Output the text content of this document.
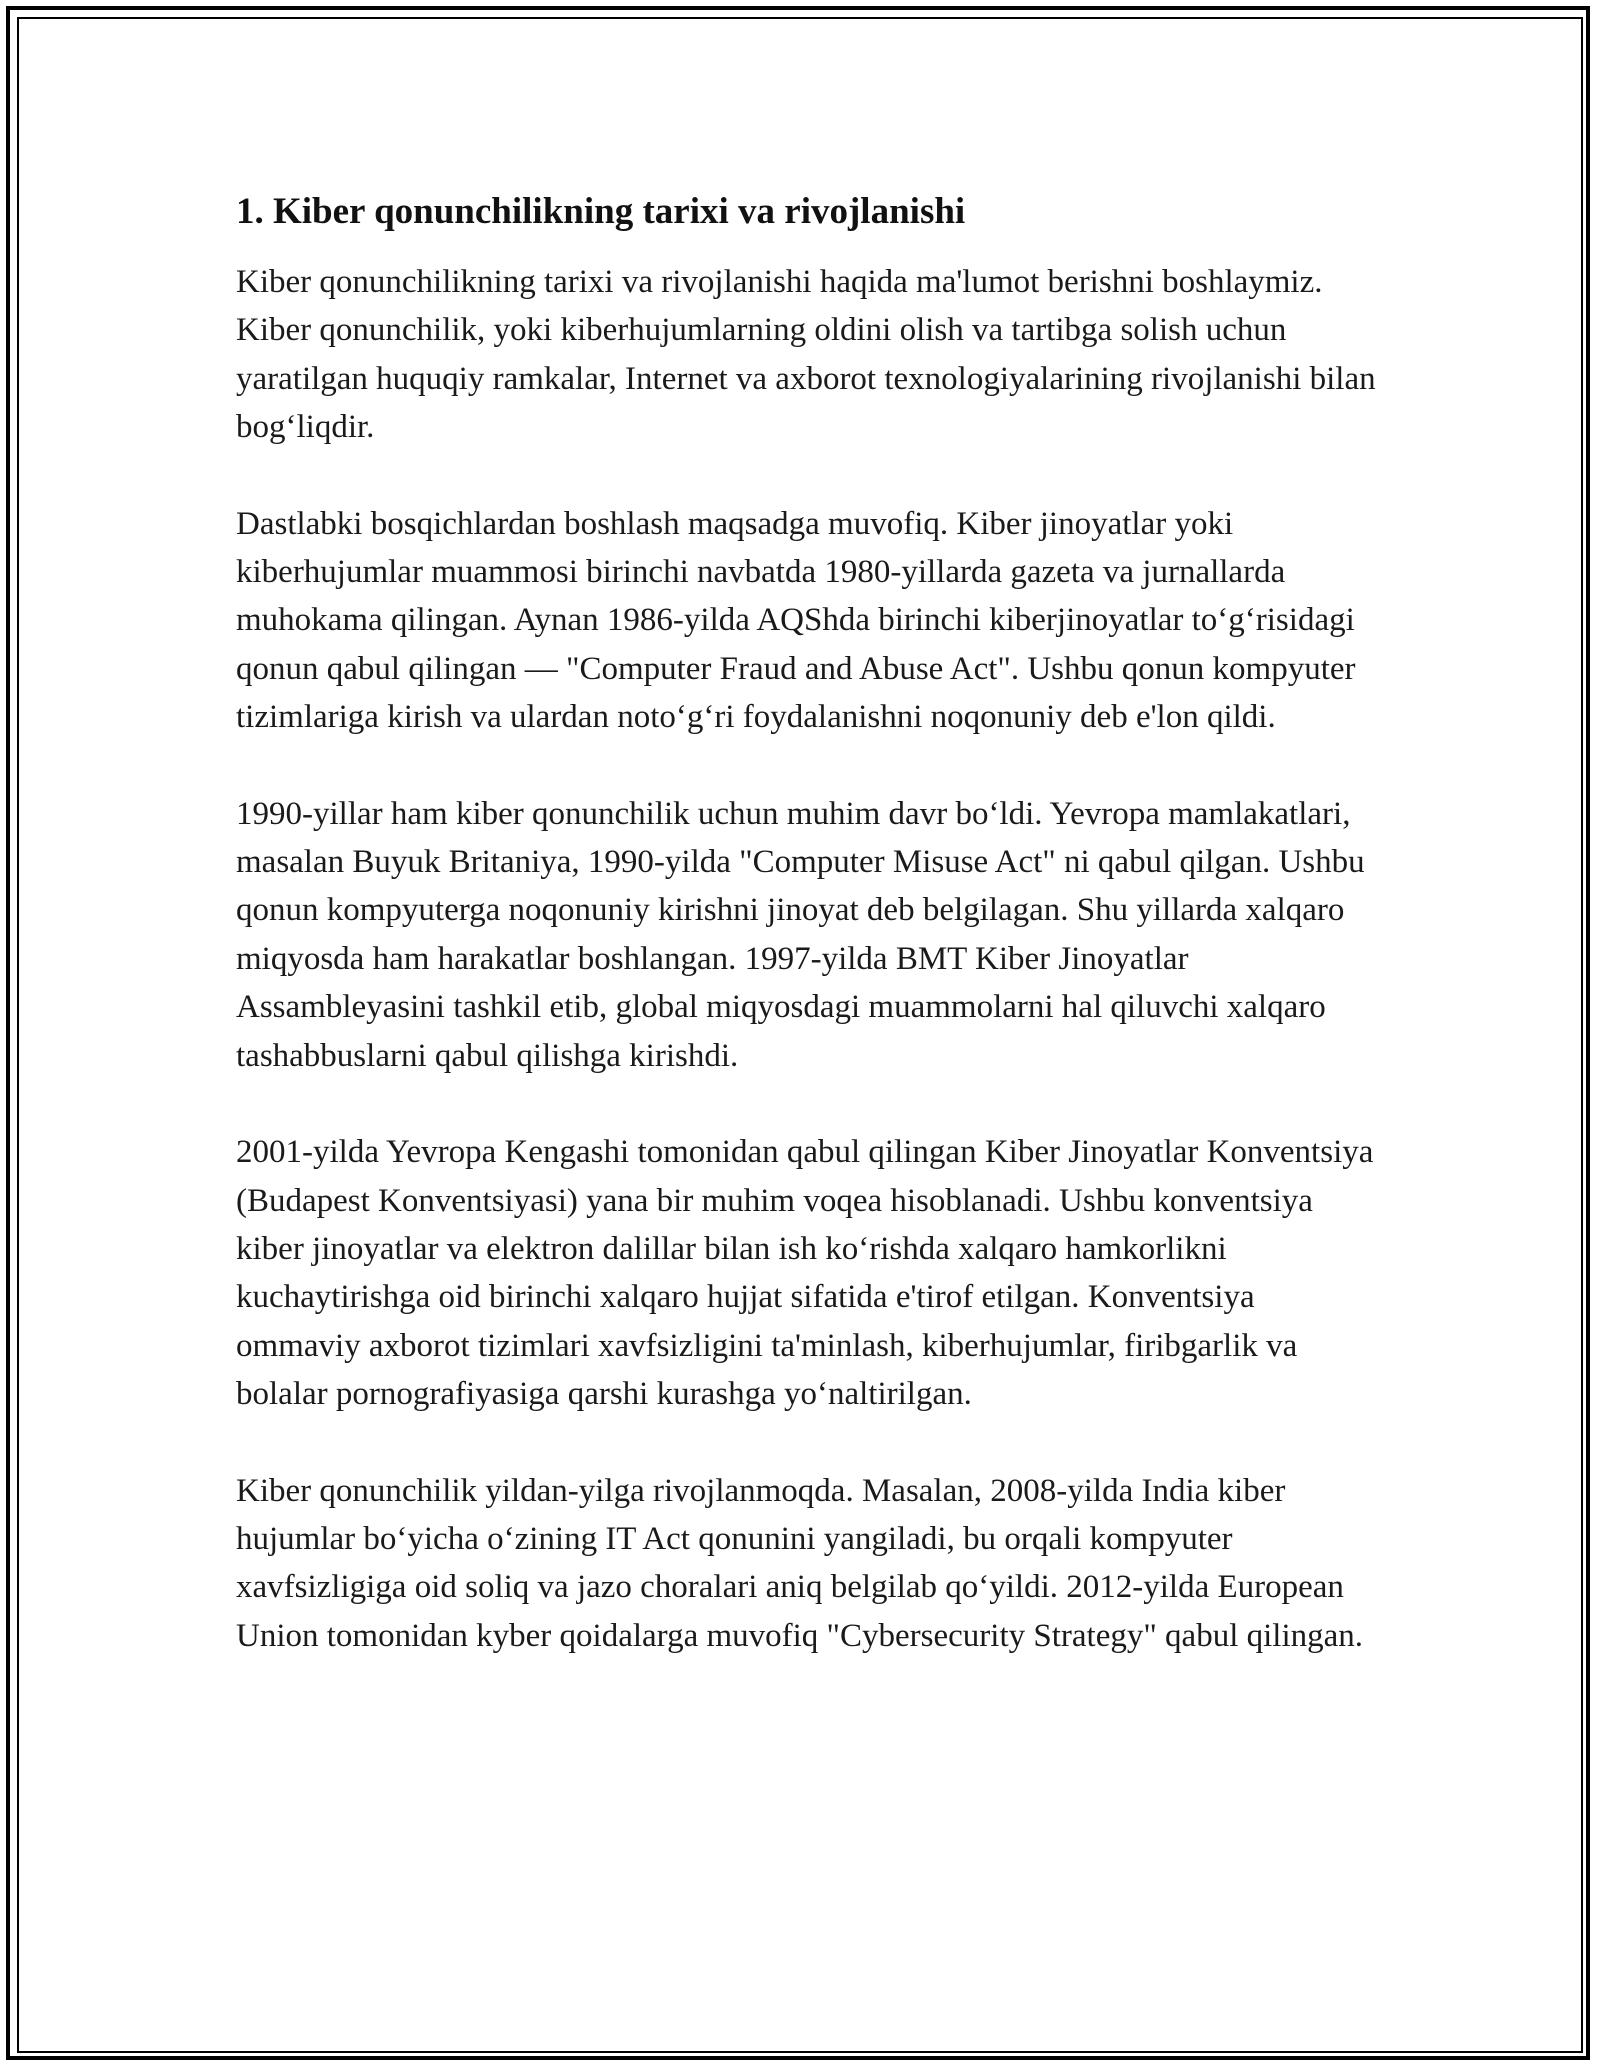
1. Kiber qonunchilikning tarixi va rivojlanishi

Kiber qonunchilikning tarixi va rivojlanishi haqida ma'lumot berishni boshlaymiz. Kiber qonunchilik, yoki kiberhujumlarning oldini olish va tartibga solish uchun yaratilgan huquqiy ramkalar, Internet va axborot texnologiyalarining rivojlanishi bilan bog‘liqdir.

Dastlabki bosqichlardan boshlash maqsadga muvofiq. Kiber jinoyatlar yoki kiberhujumlar muammosi birinchi navbatda 1980-yillarda gazeta va jurnallarda muhokama qilingan. Aynan 1986-yilda AQShda birinchi kiberjinoyatlar to‘g‘risidagi qonun qabul qilingan — "Computer Fraud and Abuse Act". Ushbu qonun kompyuter tizimlariga kirish va ulardan noto‘g‘ri foydalanishni noqonuniy deb e'lon qildi.

1990-yillar ham kiber qonunchilik uchun muhim davr bo‘ldi. Yevropa mamlakatlari, masalan Buyuk Britaniya, 1990-yilda "Computer Misuse Act" ni qabul qilgan. Ushbu qonun kompyuterga noqonuniy kirishni jinoyat deb belgilagan. Shu yillarda xalqaro miqyosda ham harakatlar boshlangan. 1997-yilda BMT Kiber Jinoyatlar Assambleyasini tashkil etib, global miqyosdagi muammolarni hal qiluvchi xalqaro tashabbuslarni qabul qilishga kirishdi.

2001-yilda Yevropa Kengashi tomonidan qabul qilingan Kiber Jinoyatlar Konventsiya (Budapest Konventsiyasi) yana bir muhim voqea hisoblanadi. Ushbu konventsiya kiber jinoyatlar va elektron dalillar bilan ish ko‘rishda xalqaro hamkorlikni kuchaytirishga oid birinchi xalqaro hujjat sifatida e'tirof etilgan. Konventsiya ommaviy axborot tizimlari xavfsizligini ta'minlash, kiberhujumlar, firibgarlik va bolalar pornografiyasiga qarshi kurashga yo‘naltirilgan.

Kiber qonunchilik yildan-yilga rivojlanmoqda. Masalan, 2008-yilda India kiber hujumlar bo‘yicha o‘zining IT Act qonunini yangiladi, bu orqali kompyuter xavfsizligiga oid soliq va jazo choralari aniq belgilab qo‘yildi. 2012-yilda European Union tomonidan kyber qoidalarga muvofiq "Cybersecurity Strategy" qabul qilingan.
